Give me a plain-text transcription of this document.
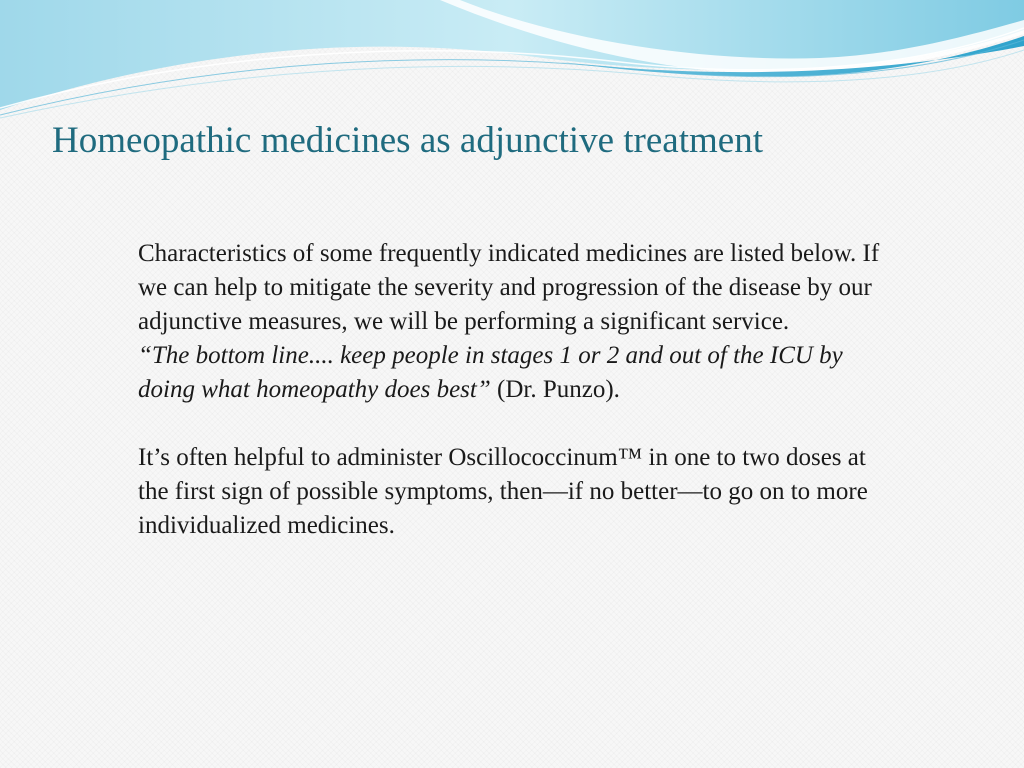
Homeopathic medicines as adjunctive treatment

Characteristics of some frequently indicated medicines are listed below. If we can help to mitigate the severity and progression of the disease by our adjunctive measures, we will be performing a significant service.

“The bottom line.... keep people in stages 1 or 2 and out of the ICU by doing what homeopathy does best” (Dr. Punzo).

It’s often helpful to administer Oscillococcinum™ in one to two doses at the first sign of possible symptoms, then—if no better—to go on to more individualized medicines.
